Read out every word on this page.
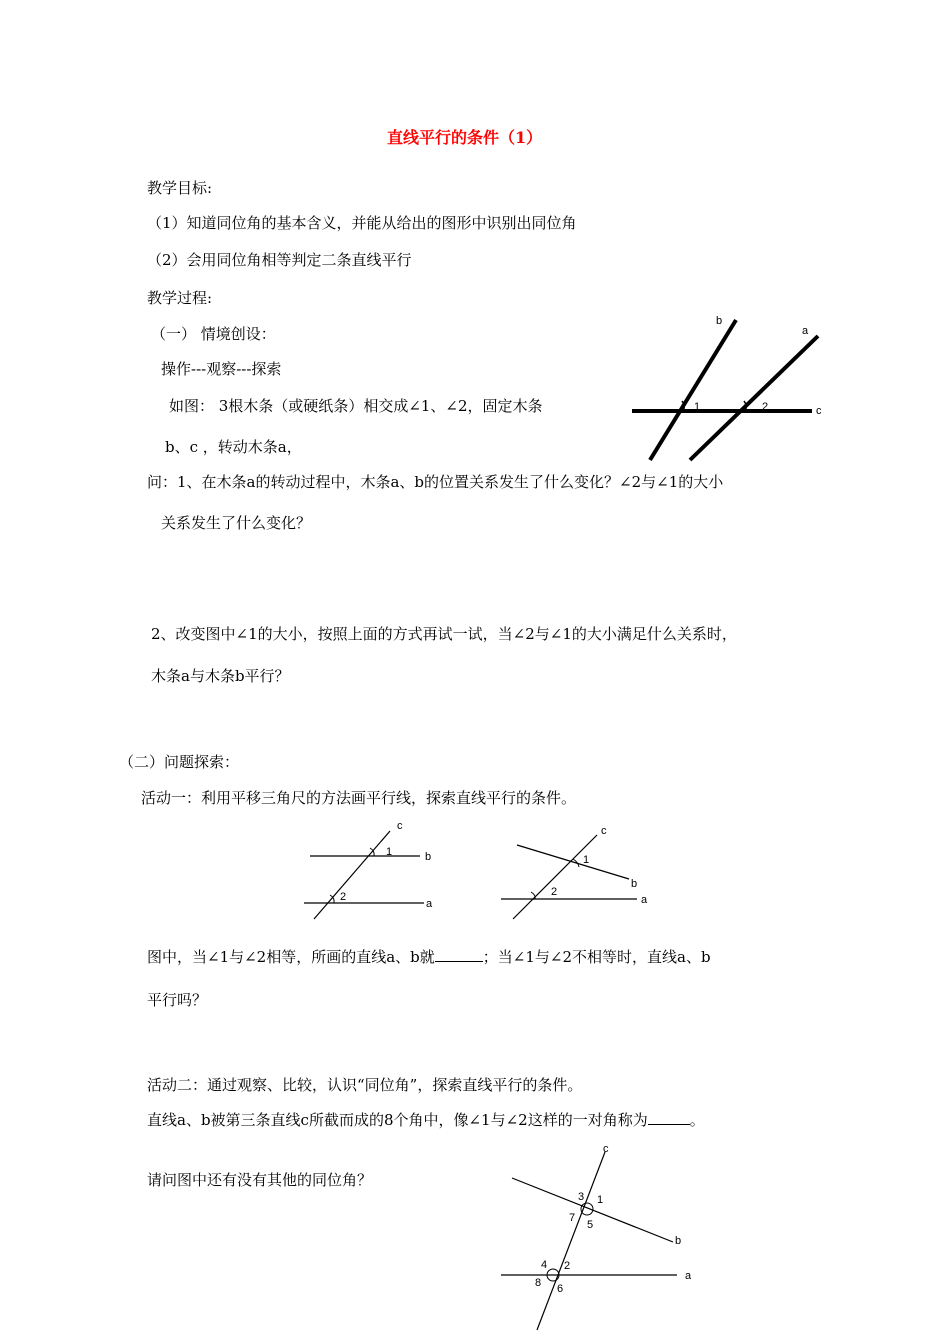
直线平行的条件（1）
教学目标:
（1）知道同位角的基本含义，并能从给出的图形中识别出同位角
（2）会用同位角相等判定二条直线平行
教学过程:
（一） 情境创设：
操作---观察---探索
如图： 3根木条（或硬纸条）相交成∠1、∠2，固定木条
b、c ，转动木条a，
b
a
c
1	2
问：1、在木条a的转动过程中，木条a、b的位置关系发生了什么变化？∠2与∠1的大小
关系发生了什么变化？
2、改变图中∠1的大小，按照上面的方式再试一试，当∠2与∠1的大小满足什么关系时，
木条a与木条b平行？
（二）问题探索：
活动一：利用平移三角尺的方法画平行线，探索直线平行的条件。
c
b
a
1
2
c
b
a
1
2
图中，当∠1与∠2相等，所画的直线a、b就	；当∠1与∠2不相等时，直线a、b
平行吗？
活动二：通过观察、比较，认识“同位角”，探索直线平行的条件。
直线a、b被第三条直线c所截而成的8个角中，像∠1与∠2这样的一对角称为	。
请问图中还有没有其他的同位角？
c
b
a
3 1
7
5
4 2
8 6
